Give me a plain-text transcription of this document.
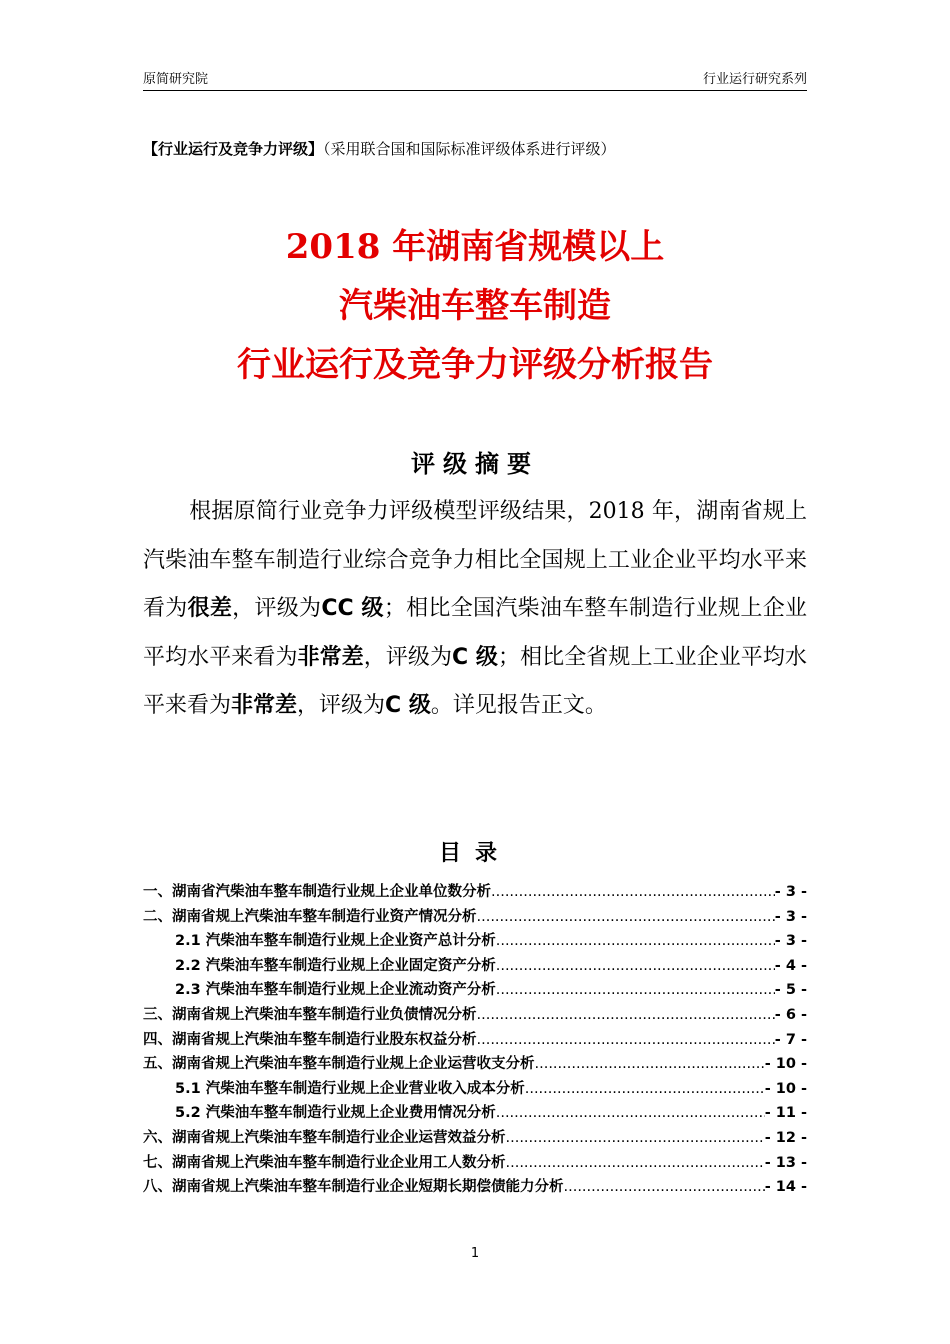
原简研究院	行业运行研究系列
【行业运行及竞争力评级】（采用联合国和国际标准评级体系进行评级）
2018 年湖南省规模以上
汽柴油车整车制造
行业运行及竞争力评级分析报告
评级摘要
根据原简行业竞争力评级模型评级结果，2018 年，湖南省规上汽柴油车整车制造行业综合竞争力相比全国规上工业企业平均水平来看为很差，评级为CC 级；相比全国汽柴油车整车制造行业规上企业平均水平来看为非常差，评级为C 级；相比全省规上工业企业平均水平来看为非常差，评级为C 级。详见报告正文。
目录
一、湖南省汽柴油车整车制造行业规上企业单位数分析 .....	- 3 -
二、湖南省规上汽柴油车整车制造行业资产情况分析 .....	- 3 -
2.1 汽柴油车整车制造行业规上企业资产总计分析 .....	- 3 -
2.2 汽柴油车整车制造行业规上企业固定资产分析 .....	- 4 -
2.3 汽柴油车整车制造行业规上企业流动资产分析 .....	- 5 -
三、湖南省规上汽柴油车整车制造行业负债情况分析 .....	- 6 -
四、湖南省规上汽柴油车整车制造行业股东权益分析 .....	- 7 -
五、湖南省规上汽柴油车整车制造行业规上企业运营收支分析 .....	- 10 -
5.1 汽柴油车整车制造行业规上企业营业收入成本分析 .....	- 10 -
5.2 汽柴油车整车制造行业规上企业费用情况分析 .....	- 11 -
六、湖南省规上汽柴油车整车制造行业企业运营效益分析 .....	- 12 -
七、湖南省规上汽柴油车整车制造行业企业用工人数分析 .....	- 13 -
八、湖南省规上汽柴油车整车制造行业企业短期长期偿债能力分析 .....	- 14 -
1
